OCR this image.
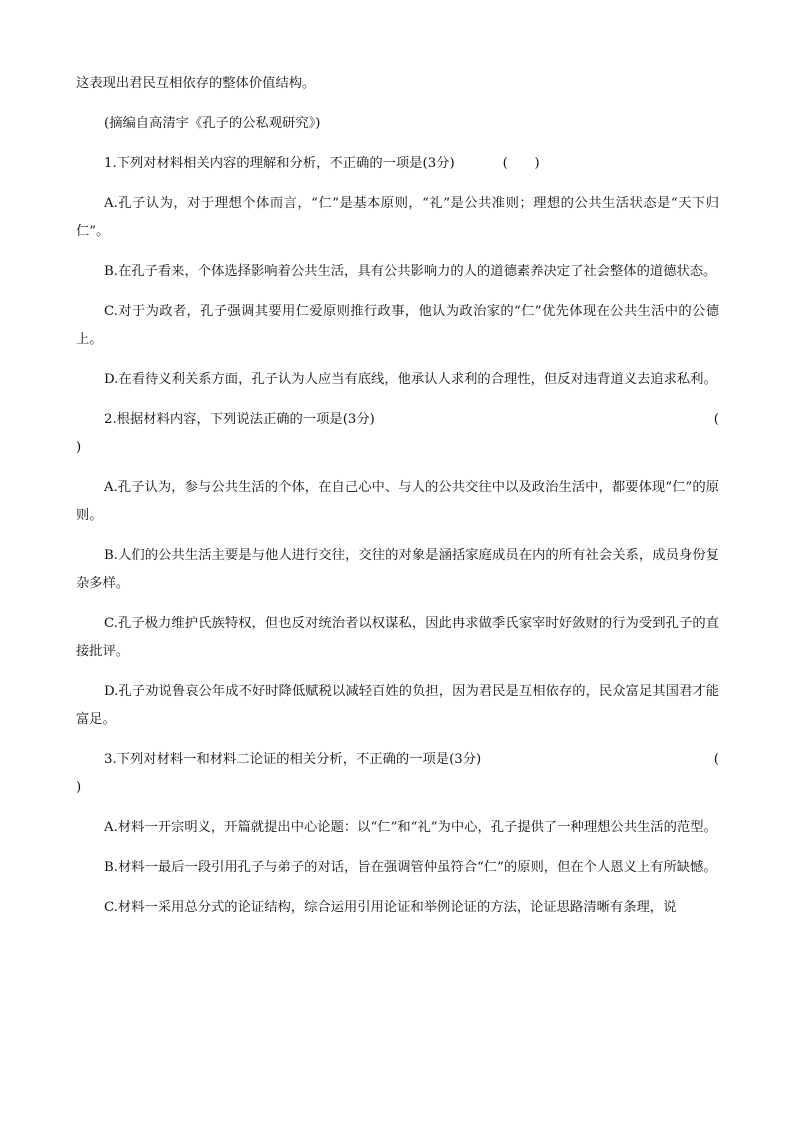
这表现出君民互相依存的整体价值结构。

(摘编自高清宇《孔子的公私观研究》)

1.下列对材料相关内容的理解和分析，不正确的一项是(3分)	(　　)

A.孔子认为，对于理想个体而言，“仁”是基本原则，“礼”是公共准则；理想的公共生活状态是“天下归仁”。

B.在孔子看来，个体选择影响着公共生活，具有公共影响力的人的道德素养决定了社会整体的道德状态。

C.对于为政者，孔子强调其要用仁爱原则推行政事，他认为政治家的“仁”优先体现在公共生活中的公德上。

D.在看待义利关系方面，孔子认为人应当有底线，他承认人求利的合理性，但反对违背道义去追求私利。

2.根据材料内容，下列说法正确的一项是(3分)	(

)

A.孔子认为，参与公共生活的个体，在自己心中、与人的公共交往中以及政治生活中，都要体现“仁”的原则。

B.人们的公共生活主要是与他人进行交往，交往的对象是涵括家庭成员在内的所有社会关系，成员身份复杂多样。

C.孔子极力维护氏族特权，但也反对统治者以权谋私，因此冉求做季氏家宰时好敛财的行为受到孔子的直接批评。

D.孔子劝说鲁哀公年成不好时降低赋税以减轻百姓的负担，因为君民是互相依存的，民众富足其国君才能富足。

3.下列对材料一和材料二论证的相关分析，不正确的一项是(3分)	(

)

A.材料一开宗明义，开篇就提出中心论题：以“仁”和“礼”为中心，孔子提供了一种理想公共生活的范型。

B.材料一最后一段引用孔子与弟子的对话，旨在强调管仲虽符合“仁”的原则，但在个人恩义上有所缺憾。

C.材料一采用总分式的论证结构，综合运用引用论证和举例论证的方法，论证思路清晰有条理，说
